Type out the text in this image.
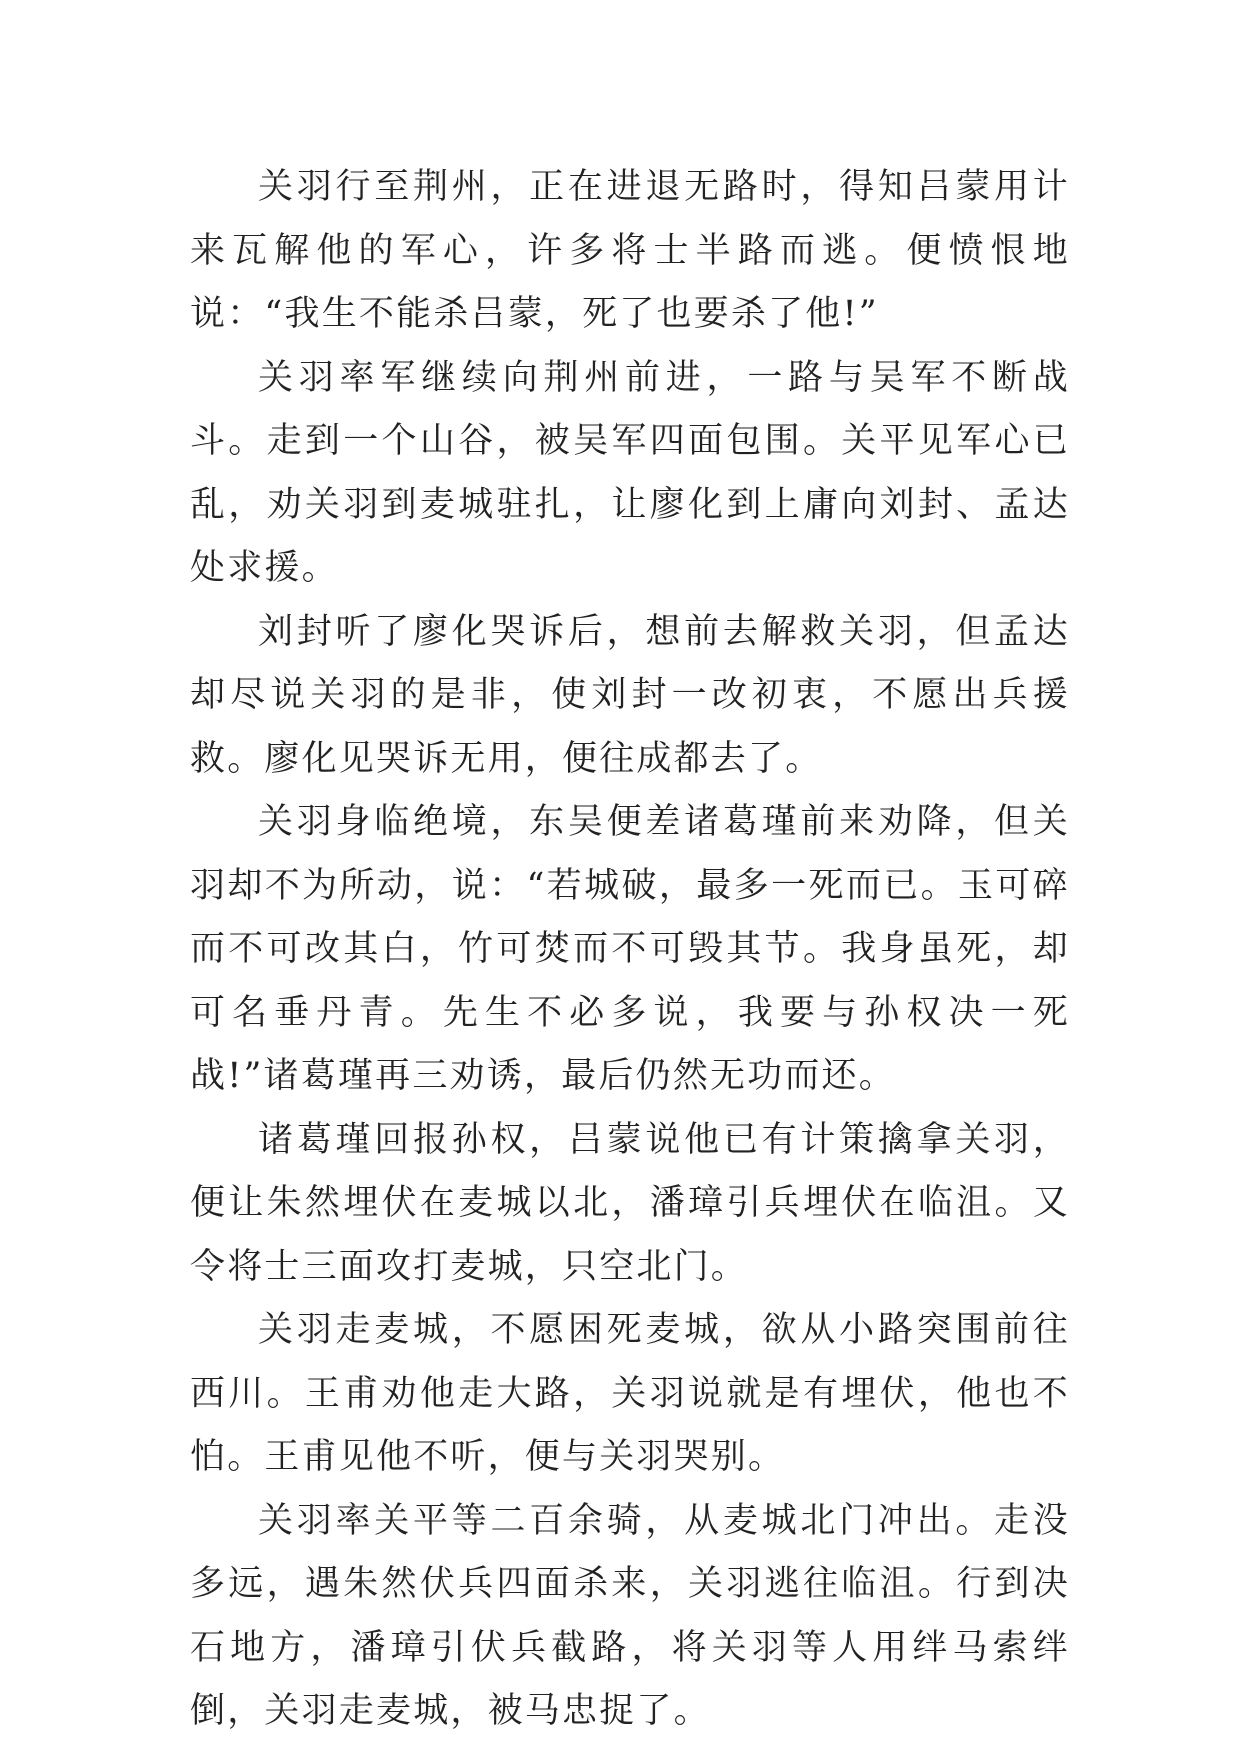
关羽行至荆州，正在进退无路时，得知吕蒙用计来瓦解他的军心，许多将士半路而逃。便愤恨地说：“我生不能杀吕蒙，死了也要杀了他!”

关羽率军继续向荆州前进，一路与吴军不断战斗。走到一个山谷，被吴军四面包围。关平见军心已乱，劝关羽到麦城驻扎，让廖化到上庸向刘封、孟达处求援。

刘封听了廖化哭诉后，想前去解救关羽，但孟达却尽说关羽的是非，使刘封一改初衷，不愿出兵援救。廖化见哭诉无用，便往成都去了。

关羽身临绝境，东吴便差诸葛瑾前来劝降，但关羽却不为所动，说：“若城破，最多一死而已。玉可碎而不可改其白，竹可焚而不可毁其节。我身虽死，却可名垂丹青。先生不必多说，我要与孙权决一死战!”诸葛瑾再三劝诱，最后仍然无功而还。

诸葛瑾回报孙权，吕蒙说他已有计策擒拿关羽，便让朱然埋伏在麦城以北，潘璋引兵埋伏在临沮。又令将士三面攻打麦城，只空北门。

关羽走麦城，不愿困死麦城，欲从小路突围前往西川。王甫劝他走大路，关羽说就是有埋伏，他也不怕。王甫见他不听，便与关羽哭别。

关羽率关平等二百余骑，从麦城北门冲出。走没多远，遇朱然伏兵四面杀来，关羽逃往临沮。行到决石地方，潘璋引伏兵截路，将关羽等人用绊马索绊倒，关羽走麦城，被马忠捉了。
